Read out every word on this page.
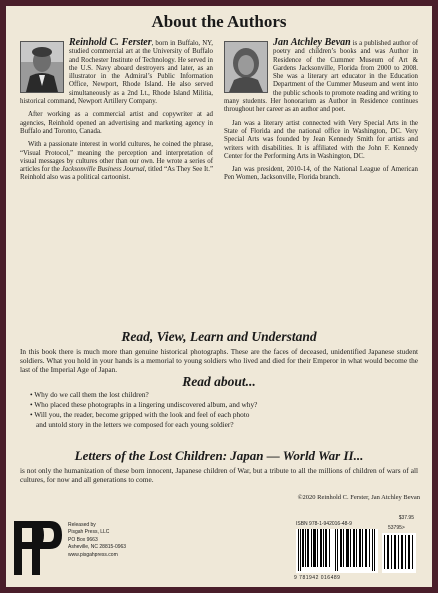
About the Authors

Reinhold C. Ferster, born in Buffalo, NY, studied commercial art at the University of Buffalo and Rochester Institute of Technology. He served in the U.S. Navy aboard destroyers and later, as an illustrator in the Admiral’s Public Information Office, Newport, Rhode Island. He also served simultaneously as a 2nd Lt., Rhode Island Militia, historical command, Newport Artillery Company.

After working as a commercial artist and copywriter at ad agencies, Reinhold opened an advertising and marketing agency in Buffalo and Toronto, Canada.

With a passionate interest in world cultures, he coined the phrase, “Visual Protocol,” meaning the perception and interpretation of visual messages by cultures other than our own. He wrote a series of articles for the Jacksonville Business Journal, titled “As They See It.” Reinhold also was a political cartoonist.

Jan Atchley Bevan is a published author of poetry and children’s books and was Author in Residence of the Cummer Museum of Art & Gardens Jacksonville, Florida from 2000 to 2008. She was a literary art educator in the Education Department of the Cummer Museum and went into the public schools to promote reading and writing to many students. Her honorarium as Author in Residence continues throughout her career as an author and poet.

Jan was a literary artist connected with Very Special Arts in the State of Florida and the national office in Washington, DC. Very Special Arts was founded by Jean Kennedy Smith for artists and writers with disabilities. It is affiliated with the John F. Kennedy Center for the Performing Arts in Washington, DC.

Jan was president, 2010-14, of the National League of American Pen Women, Jacksonville, Florida branch.

Read, View, Learn and Understand
In this book there is much more than genuine historical photographs. These are the faces of deceased, unidentified Japanese student soldiers. What you hold in your hands is a memorial to young soldiers who lived and died for their Emperor in what would become the last of the Imperial Age of Japan.
Read about...
• Why do we call them the lost children?
• Who placed these photographs in a lingering undiscovered album, and why?
• Will you, the reader, become gripped with the look and feel of each photo
and untold story in the letters we composed for each young soldier?
Letters of the Lost Children: Japan — World War II...
is not only the humanization of these born innocent, Japanese children of War, but a tribute to all the millions of children of wars of all cultures, for now and all generations to come.
©2020 Reinhold C. Ferster, Jan Atchley Bevan
Released by
Pisgah Press, LLC
PO Box 9663
Asheville, NC 28815-0963
www.pisgahpress.com
$37.95
ISBN 978-1-942016-48-9
53795>
9 781942 016489
